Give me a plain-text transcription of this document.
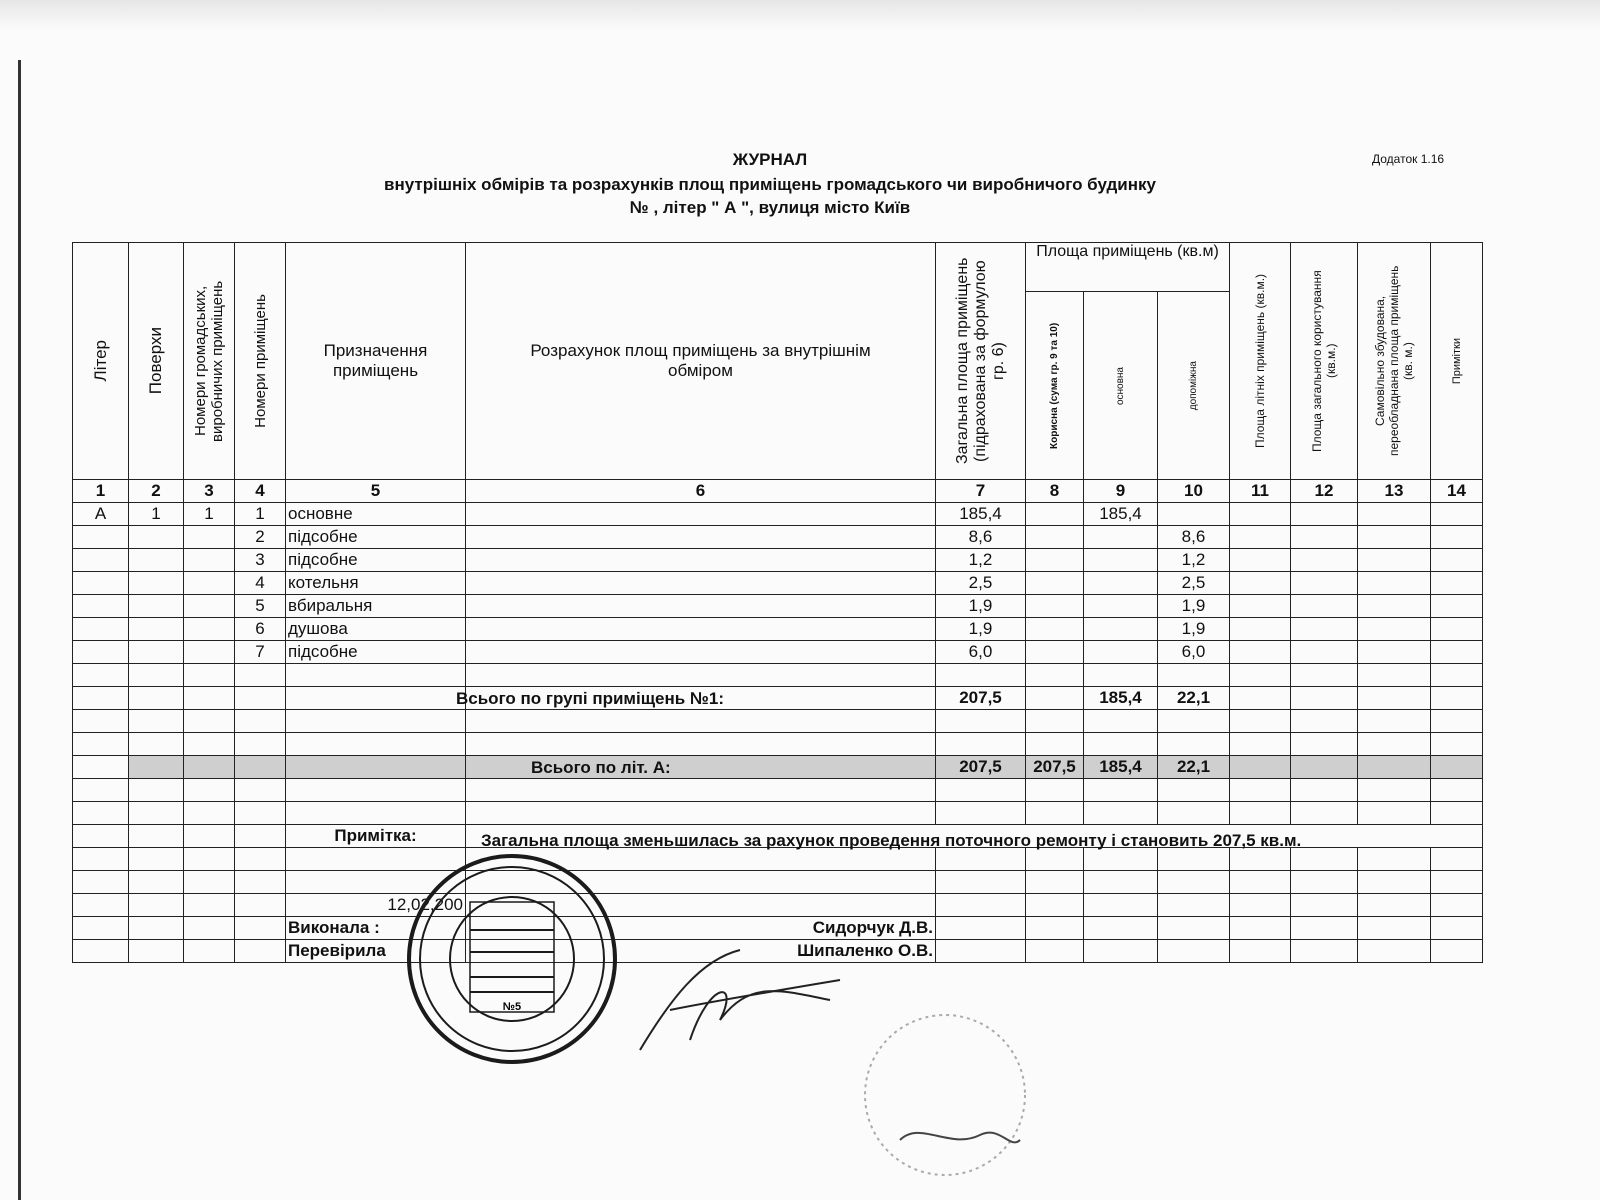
ЖУРНАЛ
внутрішніх обмірів та розрахунків площ приміщень громадського чи виробничого будинку
№ , літер " А ", вулиця місто Київ
Додаток 1.16
Літер	Поверхи	Номери громадських, виробничих приміщень	Номери приміщень	Призначення приміщень	Розрахунок площ приміщень за внутрішнім обміром	Загальна площа приміщень (підрахована за формулою гр. 6)	Площа приміщень (кв.м)			Площа літніх приміщень (кв.м.)	Площа загального користування (кв.м.)	Самовільно збудована, переобладнана площа приміщень (кв. м.)	Примітки

							Корисна (сума гр. 9 та 10)	основна	допоміжна				

1	2	3	4	5	6	7	8	9	10	11	12	13	14
А	1	1	1	основне		185,4		185,4					
			2	підсобне		8,6			8,6				
			3	підсобне		1,2			1,2				
			4	котельня		2,5			2,5				
			5	вбиральня		1,9			1,9				
			6	душова		1,9			1,9				
			7	підсобне		6,0			6,0				

					Всього по групі приміщень №1:	207,5		185,4	22,1				

					Всього по літ. А:	207,5	207,5	185,4	22,1				

				Примітка:	Загальна площа зменьшилась за рахунок проведення поточного ремонту і становить 207,5 кв.м.								

				12,02,200									
				Виконала :	Сидорчук Д.В.								
				Перевірила	Шипаленко О.В.								
№5
